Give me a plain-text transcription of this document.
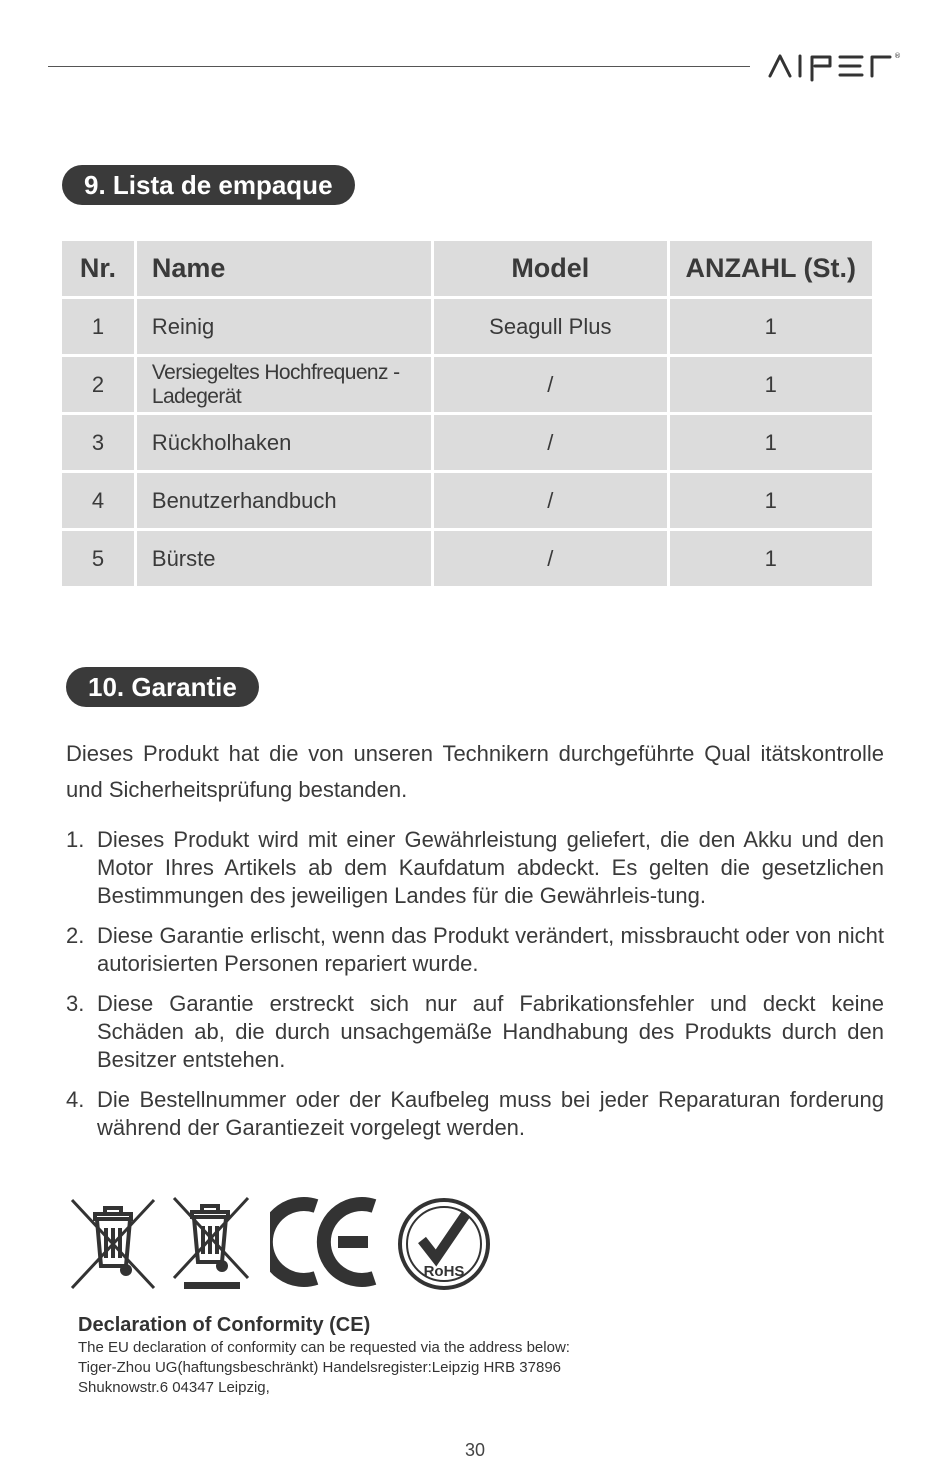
®
9. Lista de empaque
Nr.	Name	Model	ANZAHL (St.)
1	Reinig	Seagull Plus	1
2	Versiegeltes Hochfrequenz -Ladegerät	/	1
3	Rückholhaken	/	1
4	Benutzerhandbuch	/	1
5	Bürste	/	1
10. Garantie

Dieses Produkt hat die von unseren Technikern durchgeführte Qual itätskontrolle und Sicherheitsprüfung bestanden.

1. Dieses Produkt wird mit einer Gewährleistung geliefert, die den Akku und den Motor Ihres Artikels ab dem Kaufdatum abdeckt. Es gelten die gesetzlichen Bestimmungen des jeweiligen Landes für die Gewährleis-tung.
2. Diese Garantie erlischt, wenn das Produkt verändert, missbraucht oder von nicht autorisierten Personen repariert wurde.
3. Diese Garantie erstreckt sich nur auf Fabrikationsfehler und deckt keine Schäden ab, die durch unsachgemäße Handhabung des Produkts durch den Besitzer entstehen.
4. Die Bestellnummer oder der Kaufbeleg muss bei jeder Reparaturan forderung während der Garantiezeit vorgelegt werden.
RoHS
Declaration of Conformity (CE)
The EU declaration of conformity can be requested via the address below:
Tiger-Zhou UG(haftungsbeschränkt) Handelsregister:Leipzig HRB 37896
Shuknowstr.6 04347 Leipzig,
30
